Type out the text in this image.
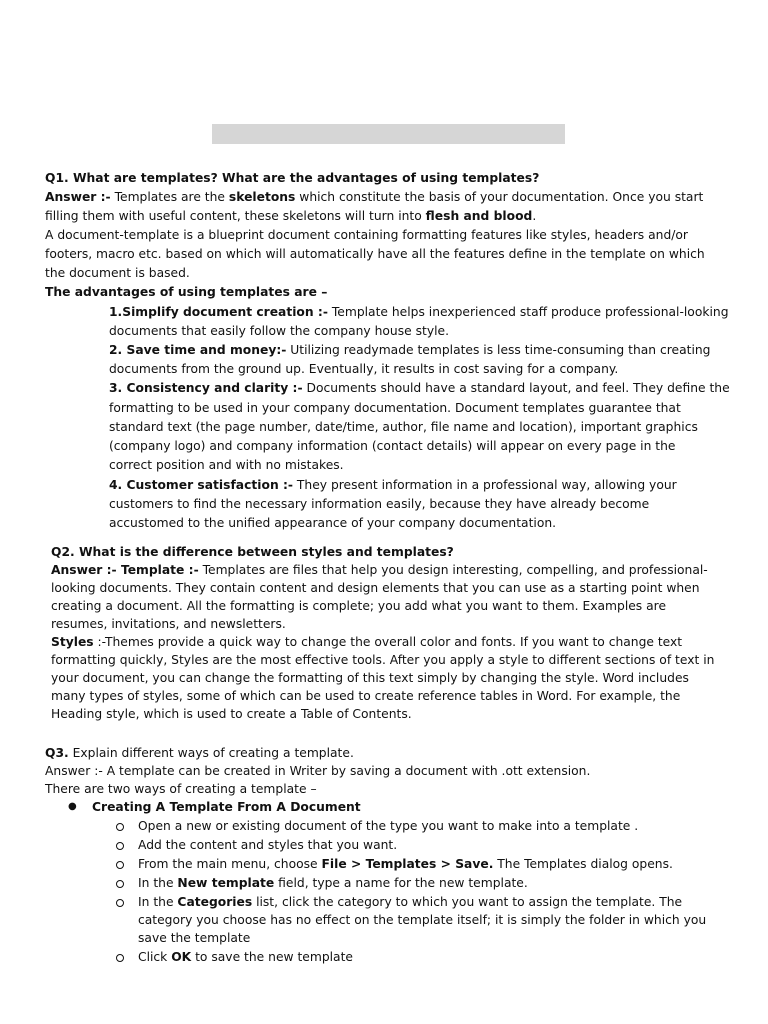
Q1. What are templates? What are the advantages of using templates?
Answer :- Templates are the skeletons which constitute the basis of your documentation. Once you start
filling them with useful content, these skeletons will turn into flesh and blood.
A document-template is a blueprint document containing formatting features like styles, headers and/or
footers, macro etc. based on which will automatically have all the features define in the template on which
the document is based.
The advantages of using templates are –
1.Simplify document creation :- Template helps inexperienced staff produce professional-looking
documents that easily follow the company house style.
2. Save time and money:- Utilizing readymade templates is less time-consuming than creating
documents from the ground up. Eventually, it results in cost saving for a company.
3. Consistency and clarity :- Documents should have a standard layout, and feel. They define the
formatting to be used in your company documentation. Document templates guarantee that
standard text (the page number, date/time, author, file name and location), important graphics
(company logo) and company information (contact details) will appear on every page in the
correct position and with no mistakes.
4. Customer satisfaction :- They present information in a professional way, allowing your
customers to find the necessary information easily, because they have already become
accustomed to the unified appearance of your company documentation.
Q2. What is the difference between styles and templates?
Answer :- Template :- Templates are files that help you design interesting, compelling, and professional-
looking documents. They contain content and design elements that you can use as a starting point when
creating a document. All the formatting is complete; you add what you want to them. Examples are
resumes, invitations, and newsletters.
Styles :-Themes provide a quick way to change the overall color and fonts. If you want to change text
formatting quickly, Styles are the most effective tools. After you apply a style to different sections of text in
your document, you can change the formatting of this text simply by changing the style. Word includes
many types of styles, some of which can be used to create reference tables in Word. For example, the
Heading style, which is used to create a Table of Contents.
Q3. Explain different ways of creating a template.
Answer :- A template can be created in Writer by saving a document with .ott extension.
There are two ways of creating a template –
● Creating A Template From A Document
Open a new or existing document of the type you want to make into a template .
Add the content and styles that you want.
From the main menu, choose File > Templates > Save. The Templates dialog opens.
In the New template field, type a name for the new template.
In the Categories list, click the category to which you want to assign the template. The
category you choose has no effect on the template itself; it is simply the folder in which you
save the template
Click OK to save the new template
